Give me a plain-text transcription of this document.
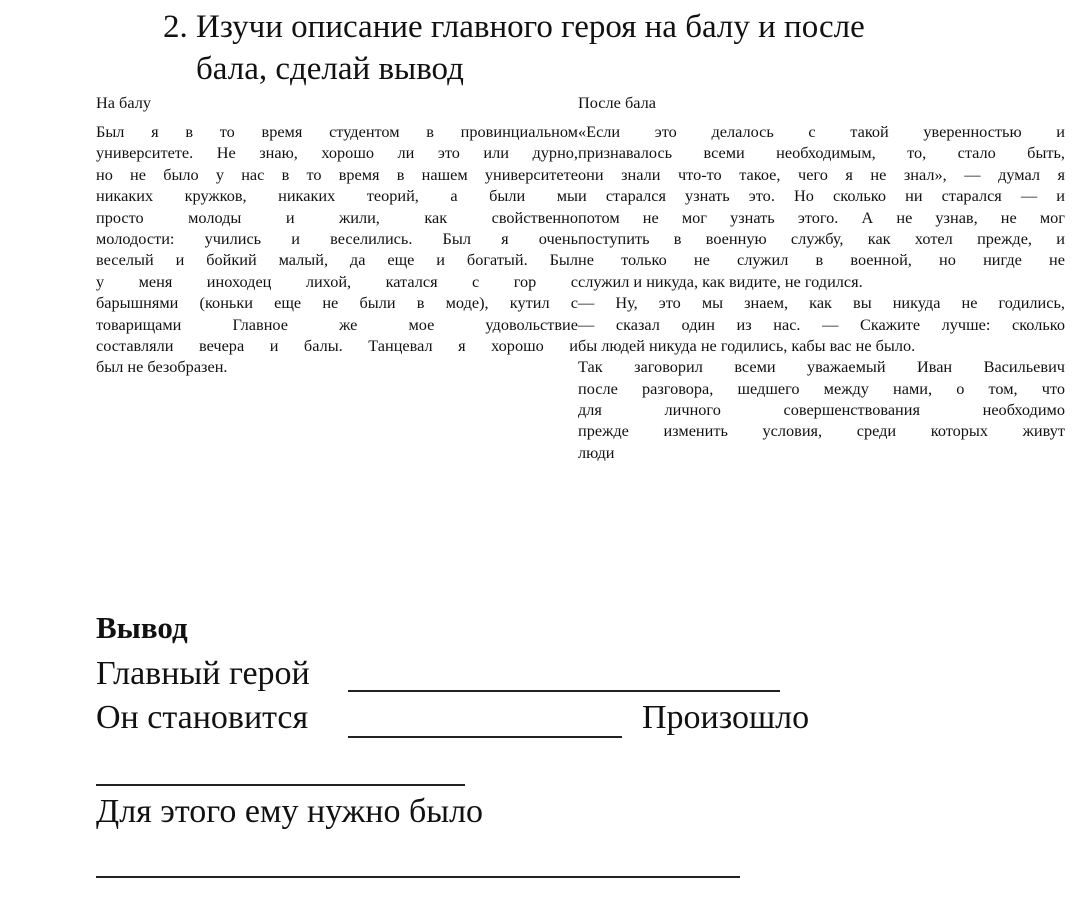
2. Изучи описание главного героя на балу и после
бала, сделай вывод
На балу
Был я в то время студентом в провинциальном
университете. Не знаю, хорошо ли это или дурно,
но не было у нас в то время в нашем университете
никаких кружков, никаких теорий, а были мы
просто молоды и жили, как свойственно
молодости: учились и веселились. Был я очень
веселый и бойкий малый, да еще и богатый. Был
у меня иноходец лихой, катался с гор с
барышнями (коньки еще не были в моде), кутил с
товарищами Главное же мое удовольствие
составляли вечера и балы. Танцевал я хорошо и
был не безобразен.
После бала
«Если это делалось с такой уверенностью и
признавалось всеми необходимым, то, стало быть,
они знали что-то такое, чего я не знал», — думал я
и старался узнать это. Но сколько ни старался — и
потом не мог узнать этого. А не узнав, не мог
поступить в военную службу, как хотел прежде, и
не только не служил в военной, но нигде не
служил и никуда, как видите, не годился.
— Ну, это мы знаем, как вы никуда не годились,
— сказал один из нас. — Скажите лучше: сколько
бы людей никуда не годились, кабы вас не было.
Так заговорил всеми уважаемый Иван Васильевич
после разговора, шедшего между нами, о том, что
для личного совершенствования необходимо
прежде изменить условия, среди которых живут
люди
Вывод
Главный герой
Он становится	Произошло
Для этого ему нужно было
